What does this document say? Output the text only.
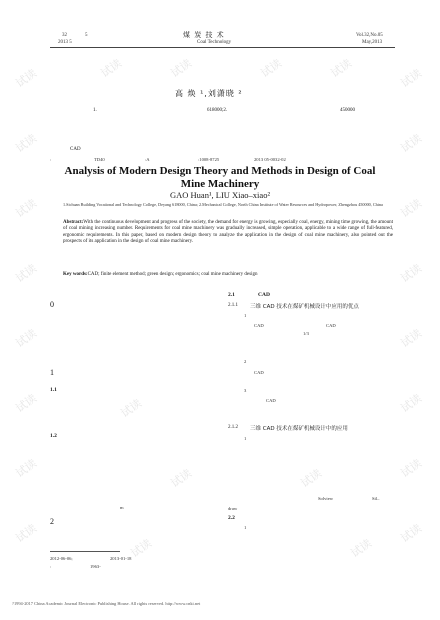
试读
试读
试读
试读
试读
试读
试读
试读
试读
试读
试读
试读
试读
试读
试读
试读
试读	试读	试读	试读
试读
试读	试读
试读
试读
32	5
2013 5
煤 炭 技 术
Coal Technology
Vol.32,No.05
May,2013
高 焕 ¹,刘潇晓 ²
1.	618000;2.	450000
CAD
:	TD40	:A	:1008-8725	2013 05-0032-02
Analysis of Modern Design Theory and Methods in Design of Coal Mine Machinery
GAO Huan¹, LIU Xiao–xiao²
1.Sichuan Building Vocational and Technology College, Deyang 618000, China; 2.Mechanical College, North China Institute of Water Resources and Hydropower, Zhengzhou 450000, China
Abstract:With the continuous development and progress of the society, the demand for energy is growing, especially coal, energy, mining time growing, the amount of coal mining increasing number. Requirements for coal mine machinery was gradually increased, simple operation, applicable to a wide range of full-featured, ergonomic requirements. In this paper, based on modern design theory to analyze the application in the design of coal mine machinery, also pointed out the prospects of its application in the design of coal mine machinery.
Key words:CAD; finite element method; green design; ergonomics; coal mine machinery design
0
1
1.1
1.2
m
2
2012-06-06;	2013-01-18
:	1963-
2.1	CAD
2.1.1 三维 CAD 技术在煤矿机械设计中应用的优点
1
CAD	CAD
1/3
2
CAD
3
CAD
2.1.2 三维 CAD 技术在煤矿机械设计中的应用
1
Solview	Sil–
draw
2.2
1
?1994-2017 China Academic Journal Electronic Publishing House. All rights reserved. http://www.cnki.net
